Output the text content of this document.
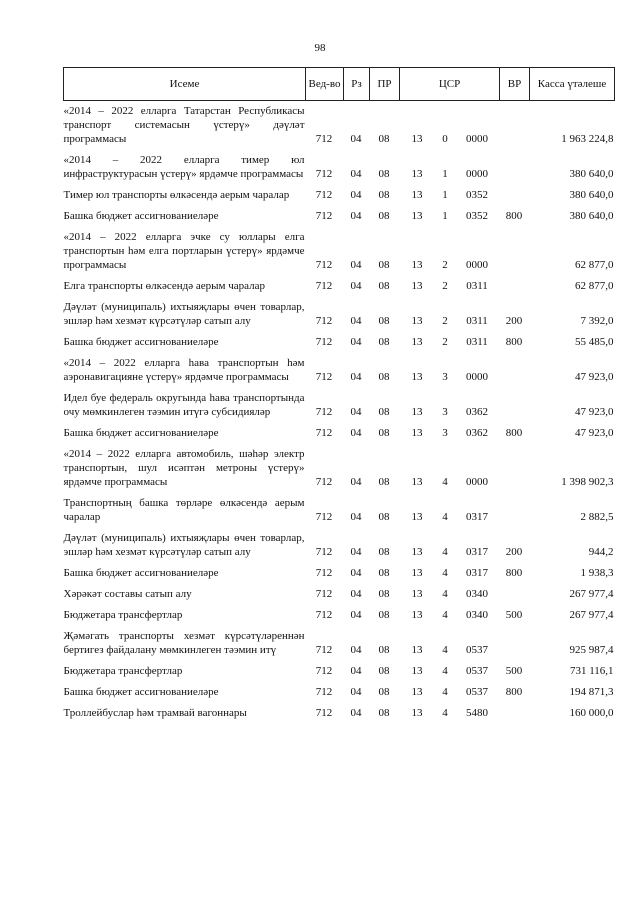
98
Исеме	Вед-во	Рз	ПР	ЦСР			ВР	Касса үтәлеше
«2014 – 2022 елларга Татарстан Республикасы транспорт системасын үстерү» дәүләт программасы	712	04	08	13	0	0000		1 963 224,8
«2014 – 2022 елларга тимер юл инфраструктурасын үстерү» ярдәмче программасы	712	04	08	13	1	0000		380 640,0
Тимер юл транспорты өлкәсендә аерым чаралар	712	04	08	13	1	0352		380 640,0
Башка бюджет ассигнованиеләре	712	04	08	13	1	0352	800	380 640,0
«2014 – 2022 елларга эчке су юллары елга транспортын һәм елга портларын үстерү» ярдәмче программасы	712	04	08	13	2	0000		62 877,0
Елга транспорты өлкәсендә аерым чаралар	712	04	08	13	2	0311		62 877,0
Дәүләт (муниципаль) ихтыяҗлары өчен товарлар, эшләр һәм хезмәт күрсәтүләр сатып алу	712	04	08	13	2	0311	200	7 392,0
Башка бюджет ассигнованиеләре	712	04	08	13	2	0311	800	55 485,0
«2014 – 2022 елларга һава транспортын һәм аэронавигацияне үстерү» ярдәмче программасы	712	04	08	13	3	0000		47 923,0
Идел буе федераль округында һава транспортында очу мөмкинлеген тәэмин итүгә субсидияләр	712	04	08	13	3	0362		47 923,0
Башка бюджет ассигнованиеләре	712	04	08	13	3	0362	800	47 923,0
«2014 – 2022 елларга автомобиль, шәһәр электр транспортын, шул исәптән метроны үстерү» ярдәмче программасы	712	04	08	13	4	0000		1 398 902,3
Транспортның башка төрләре өлкәсендә аерым чаралар	712	04	08	13	4	0317		2 882,5
Дәүләт (муниципаль) ихтыяҗлары өчен товарлар, эшләр һәм хезмәт күрсәтүләр сатып алу	712	04	08	13	4	0317	200	944,2
Башка бюджет ассигнованиеләре	712	04	08	13	4	0317	800	1 938,3
Хәрәкәт составы сатып алу	712	04	08	13	4	0340		267 977,4
Бюджетара трансфертлар	712	04	08	13	4	0340	500	267 977,4
Җәмәгать транспорты хезмәт күрсәтүләреннән бертигез файдалану мөмкинлеген тәэмин итү	712	04	08	13	4	0537		925 987,4
Бюджетара трансфертлар	712	04	08	13	4	0537	500	731 116,1
Башка бюджет ассигнованиеләре	712	04	08	13	4	0537	800	194 871,3
Троллейбуслар һәм трамвай вагоннары	712	04	08	13	4	5480		160 000,0
